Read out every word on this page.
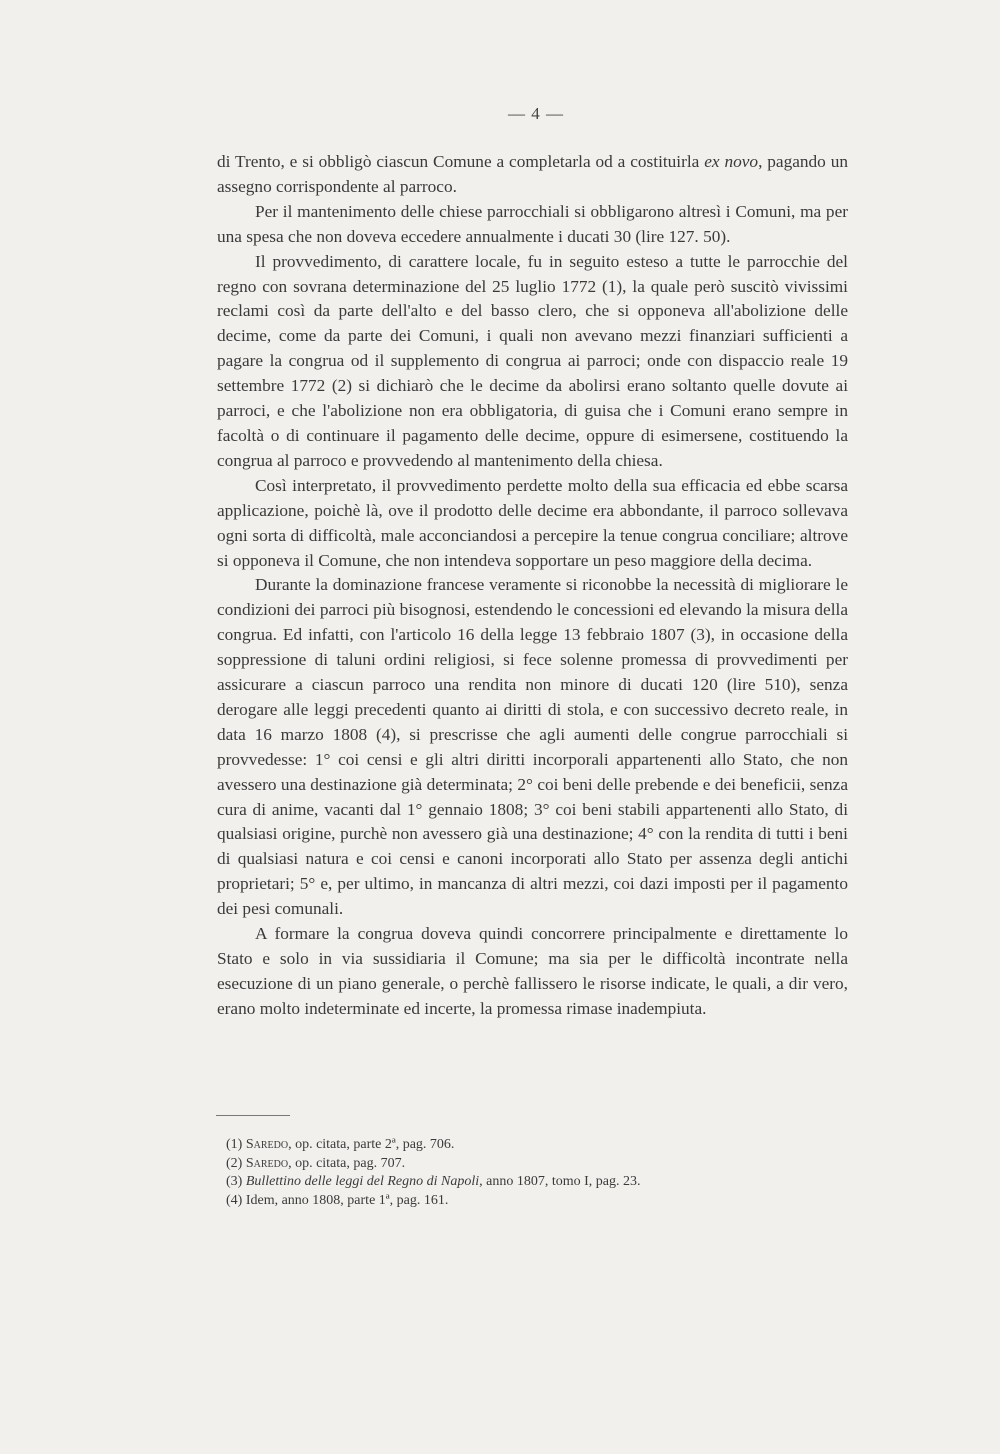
— 4 —

di Trento, e si obbligò ciascun Comune a completarla od a costituirla ex novo, pagando un assegno corrispondente al parroco.

Per il mantenimento delle chiese parrocchiali si obbligarono altresì i Comuni, ma per una spesa che non doveva eccedere annualmente i ducati 30 (lire 127. 50).

Il provvedimento, di carattere locale, fu in seguito esteso a tutte le parrocchie del regno con sovrana determinazione del 25 luglio 1772 (1), la quale però suscitò vivissimi reclami così da parte dell'alto e del basso clero, che si opponeva all'abolizione delle decime, come da parte dei Comuni, i quali non avevano mezzi finanziari sufficienti a pagare la congrua od il supplemento di congrua ai parroci; onde con dispaccio reale 19 settembre 1772 (2) si dichiarò che le decime da abolirsi erano soltanto quelle dovute ai parroci, e che l'abolizione non era obbligatoria, di guisa che i Comuni erano sempre in facoltà o di continuare il pagamento delle decime, oppure di esimersene, costituendo la congrua al parroco e provvedendo al mantenimento della chiesa.

Così interpretato, il provvedimento perdette molto della sua efficacia ed ebbe scarsa applicazione, poichè là, ove il prodotto delle decime era abbondante, il parroco sollevava ogni sorta di difficoltà, male acconciandosi a percepire la tenue congrua conciliare; altrove si opponeva il Comune, che non intendeva sopportare un peso maggiore della decima.

Durante la dominazione francese veramente si riconobbe la necessità di migliorare le condizioni dei parroci più bisognosi, estendendo le concessioni ed elevando la misura della congrua. Ed infatti, con l'articolo 16 della legge 13 febbraio 1807 (3), in occasione della soppressione di taluni ordini religiosi, si fece solenne promessa di provvedimenti per assicurare a ciascun parroco una rendita non minore di ducati 120 (lire 510), senza derogare alle leggi precedenti quanto ai diritti di stola, e con successivo decreto reale, in data 16 marzo 1808 (4), si prescrisse che agli aumenti delle congrue parrocchiali si provvedesse: 1° coi censi e gli altri diritti incorporali appartenenti allo Stato, che non avessero una destinazione già determinata; 2° coi beni delle prebende e dei beneficii, senza cura di anime, vacanti dal 1° gennaio 1808; 3° coi beni stabili appartenenti allo Stato, di qualsiasi origine, purchè non avessero già una destinazione; 4° con la rendita di tutti i beni di qualsiasi natura e coi censi e canoni incorporati allo Stato per assenza degli antichi proprietari; 5° e, per ultimo, in mancanza di altri mezzi, coi dazi imposti per il pagamento dei pesi comunali.

A formare la congrua doveva quindi concorrere principalmente e direttamente lo Stato e solo in via sussidiaria il Comune; ma sia per le difficoltà incontrate nella esecuzione di un piano generale, o perchè fallissero le risorse indicate, le quali, a dir vero, erano molto indeterminate ed incerte, la promessa rimase inadempiuta.

(1) Saredo, op. citata, parte 2ª, pag. 706.
(2) Saredo, op. citata, pag. 707.
(3) Bullettino delle leggi del Regno di Napoli, anno 1807, tomo I, pag. 23.
(4) Idem, anno 1808, parte 1ª, pag. 161.
